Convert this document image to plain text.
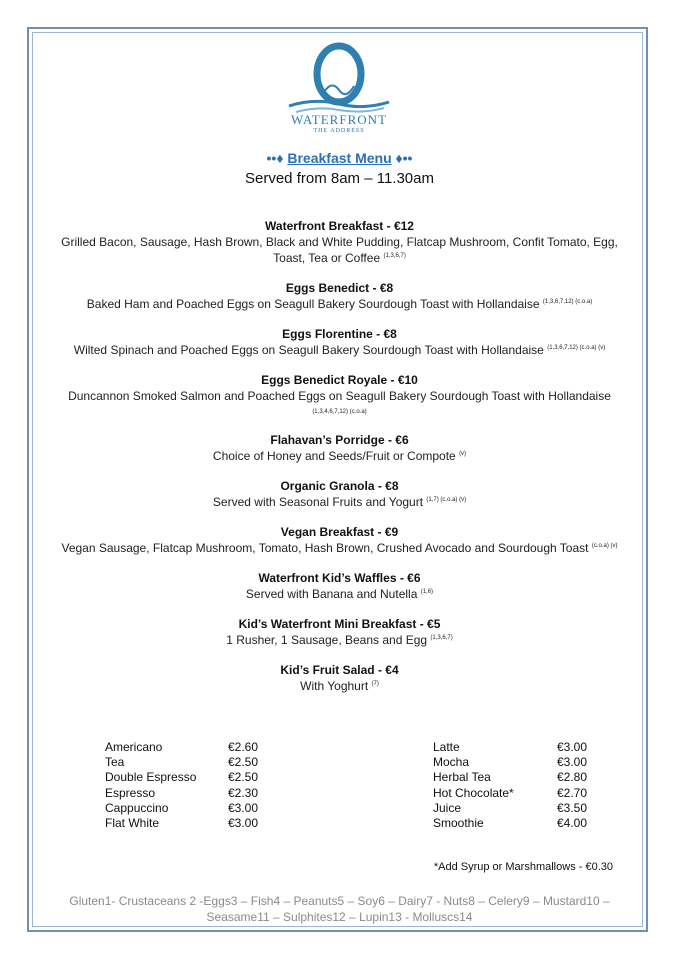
WATERFRONT
THE ADDRESS
••♦ Breakfast Menu ♦••
Served from 8am – 11.30am
Waterfront Breakfast - €12
Grilled Bacon, Sausage, Hash Brown, Black and White Pudding, Flatcap Mushroom, Confit Tomato, Egg,
Toast, Tea or Coffee $^{(1,3,6,7)}$
Eggs Benedict - €8
Baked Ham and Poached Eggs on Seagull Bakery Sourdough Toast with Hollandaise $^{(1,3,6,7,12) (c.o.a)}$
Eggs Florentine - €8
Wilted Spinach and Poached Eggs on Seagull Bakery Sourdough Toast with Hollandaise $^{(1,3,6,7,12) (c.o.a) (v)}$
Eggs Benedict Royale - €10
Duncannon Smoked Salmon and Poached Eggs on Seagull Bakery Sourdough Toast with Hollandaise
(1,3,4,6,7,12) (c.o.a)
Flahavan’s Porridge - €6
Choice of Honey and Seeds/Fruit or Compote $^{(v)}$
Organic Granola - €8
Served with Seasonal Fruits and Yogurt $^{(1,7) (c.o.a) (v)}$
Vegan Breakfast - €9
Vegan Sausage, Flatcap Mushroom, Tomato, Hash Brown, Crushed Avocado and Sourdough Toast $^{(c.o.a) (v)}$
Waterfront Kid’s Waffles - €6
Served with Banana and Nutella $^{(1,6)}$
Kid’s Waterfront Mini Breakfast - €5
1 Rusher, 1 Sausage, Beans and Egg $^{(1,3,6,7)}$
Kid’s Fruit Salad - €4
With Yoghurt $^{(7)}$
Americano	€2.60
Tea	€2.50
Double Espresso	€2.50
Espresso	€2.30
Cappuccino	€3.00
Flat White	€3.00
Latte	€3.00
Mocha	€3.00
Herbal Tea	€2.80
Hot Chocolate*	€2.70
Juice	€3.50
Smoothie	€4.00
*Add Syrup or Marshmallows - €0.30
Gluten1- Crustaceans 2 -Eggs3 – Fish4 – Peanuts5 – Soy6 – Dairy7 - Nuts8 – Celery9 – Mustard10 –
Seasame11 – Sulphites12 – Lupin13 - Molluscs14
